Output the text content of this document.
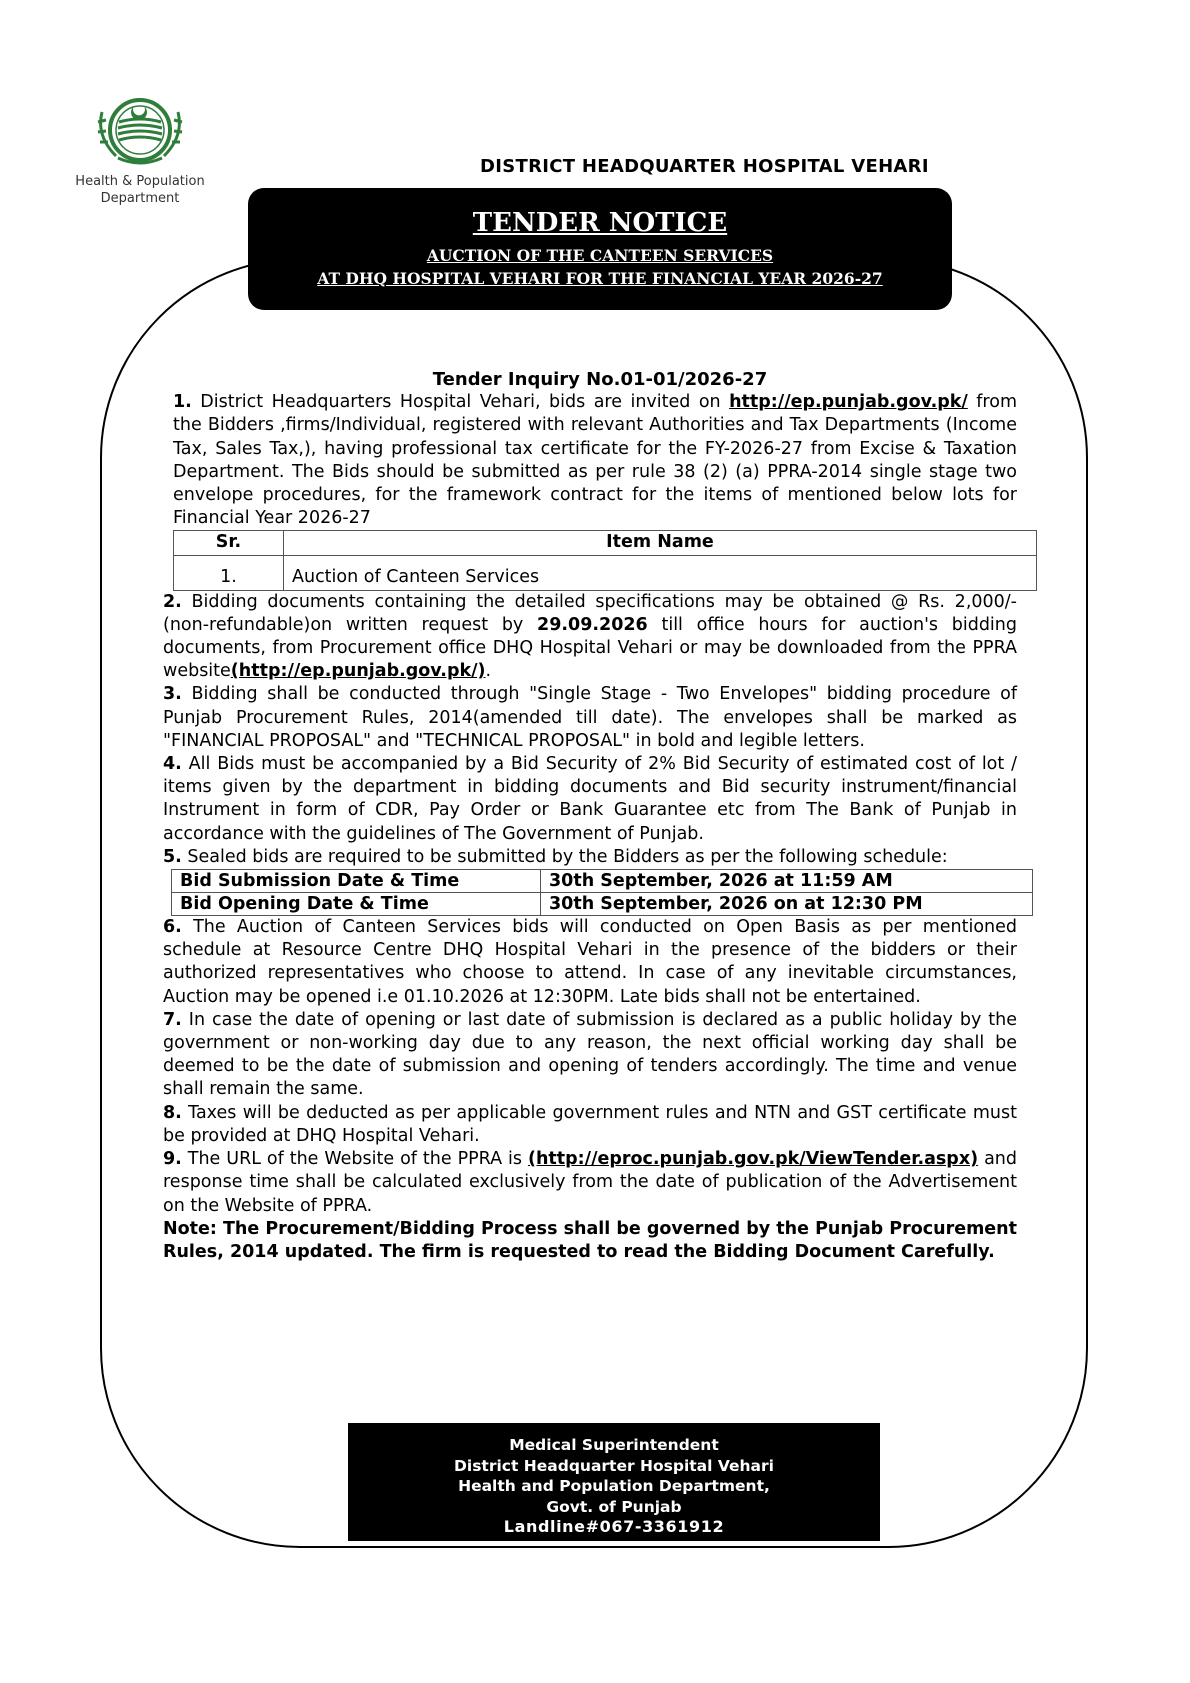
Health & Population
Department
DISTRICT HEADQUARTER HOSPITAL VEHARI
TENDER NOTICE
AUCTION OF THE CANTEEN SERVICES
AT DHQ HOSPITAL VEHARI FOR THE FINANCIAL YEAR 2026-27
Tender Inquiry No.01-01/2026-27

1. District Headquarters Hospital Vehari, bids are invited on http://ep.punjab.gov.pk/ from the Bidders ,firms/Individual, registered with relevant Authorities and Tax Departments (Income Tax, Sales Tax,), having professional tax certificate for the FY-2026-27 from Excise & Taxation Department. The Bids should be submitted as per rule 38 (2) (a) PPRA-2014 single stage two envelope procedures, for the framework contract for the items of mentioned below lots for Financial Year 2026-27

Sr.	Item Name
1.	Auction of Canteen Services

2. Bidding documents containing the detailed specifications may be obtained @ Rs. 2,000/- (non-refundable)on written request by 29.09.2026 till office hours for auction's bidding documents, from Procurement office DHQ Hospital Vehari or may be downloaded from the PPRA website(http://ep.punjab.gov.pk/).

3. Bidding shall be conducted through "Single Stage - Two Envelopes" bidding procedure of Punjab Procurement Rules, 2014(amended till date). The envelopes shall be marked as "FINANCIAL PROPOSAL" and "TECHNICAL PROPOSAL" in bold and legible letters.

4. All Bids must be accompanied by a Bid Security of 2% Bid Security of estimated cost of lot / items given by the department in bidding documents and Bid security instrument/financial Instrument in form of CDR, Pay Order or Bank Guarantee etc from The Bank of Punjab in accordance with the guidelines of The Government of Punjab.

5. Sealed bids are required to be submitted by the Bidders as per the following schedule:

Bid Submission Date & Time	30th September, 2026 at 11:59 AM
Bid Opening Date & Time	30th September, 2026 on at 12:30 PM

6. The Auction of Canteen Services bids will conducted on Open Basis as per mentioned schedule at Resource Centre DHQ Hospital Vehari in the presence of the bidders or their authorized representatives who choose to attend. In case of any inevitable circumstances, Auction may be opened i.e 01.10.2026 at 12:30PM. Late bids shall not be entertained.

7. In case the date of opening or last date of submission is declared as a public holiday by the government or non-working day due to any reason, the next official working day shall be deemed to be the date of submission and opening of tenders accordingly. The time and venue shall remain the same.

8. Taxes will be deducted as per applicable government rules and NTN and GST certificate must be provided at DHQ Hospital Vehari.

9. The URL of the Website of the PPRA is (http://eproc.punjab.gov.pk/ViewTender.aspx) and response time shall be calculated exclusively from the date of publication of the Advertisement on the Website of PPRA.

Note: The Procurement/Bidding Process shall be governed by the Punjab Procurement Rules, 2014 updated. The firm is requested to read the Bidding Document Carefully.

Medical Superintendent
District Headquarter Hospital Vehari
Health and Population Department,
Govt. of Punjab
Landline#067-3361912
